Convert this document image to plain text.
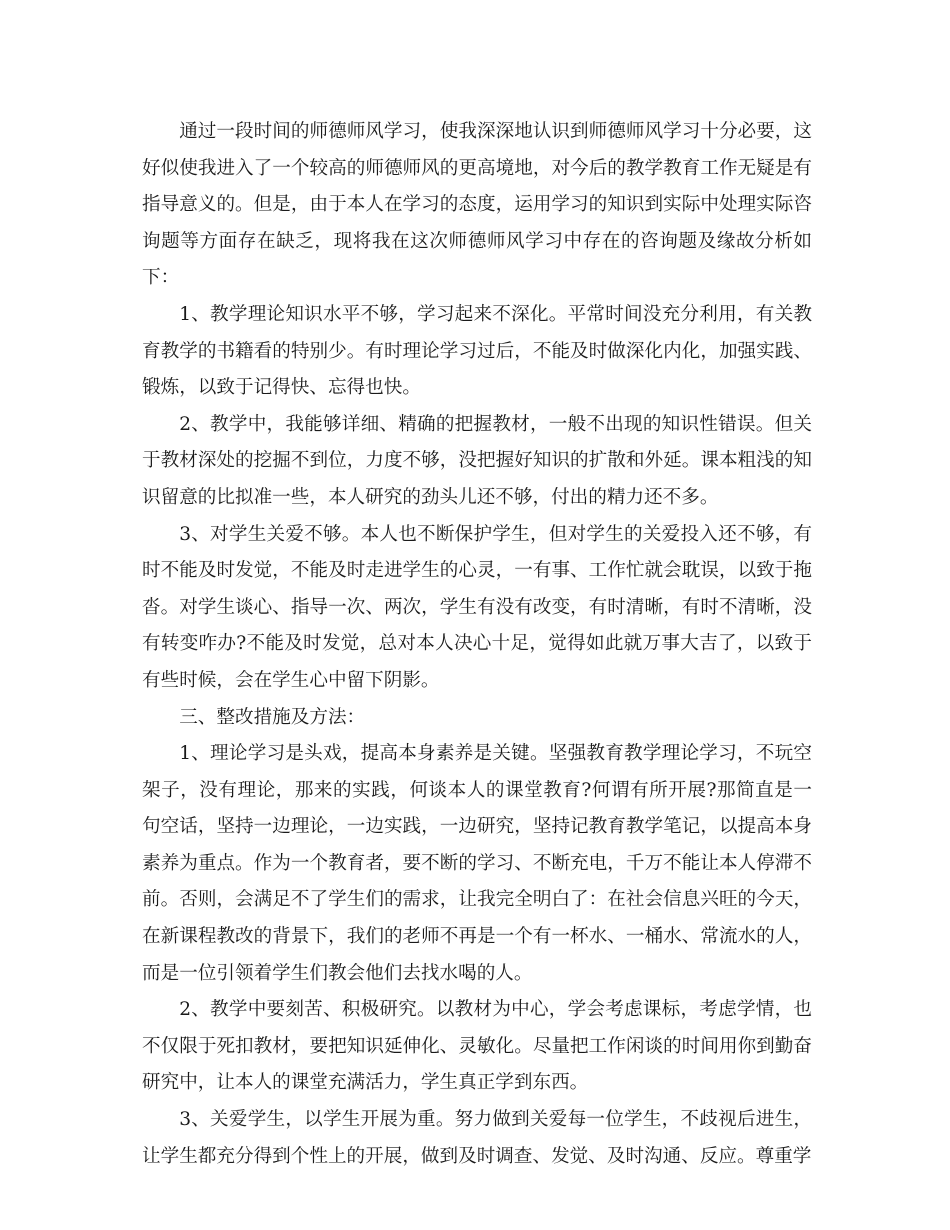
通过一段时间的师德师风学习，使我深深地认识到师德师风学习十分必要，这好似使我进入了一个较高的师德师风的更高境地，对今后的教学教育工作无疑是有指导意义的。但是，由于本人在学习的态度，运用学习的知识到实际中处理实际咨询题等方面存在缺乏，现将我在这次师德师风学习中存在的咨询题及缘故分析如下：

1、教学理论知识水平不够，学习起来不深化。平常时间没充分利用，有关教育教学的书籍看的特别少。有时理论学习过后，不能及时做深化内化，加强实践、锻炼，以致于记得快、忘得也快。

2、教学中，我能够详细、精确的把握教材，一般不出现的知识性错误。但关于教材深处的挖掘不到位，力度不够，没把握好知识的扩散和外延。课本粗浅的知识留意的比拟准一些，本人研究的劲头儿还不够，付出的精力还不多。

3、对学生关爱不够。本人也不断保护学生，但对学生的关爱投入还不够，有时不能及时发觉，不能及时走进学生的心灵，一有事、工作忙就会耽误，以致于拖沓。对学生谈心、指导一次、两次，学生有没有改变，有时清晰，有时不清晰，没有转变咋办?不能及时发觉，总对本人决心十足，觉得如此就万事大吉了，以致于有些时候，会在学生心中留下阴影。

三、整改措施及方法：

1、理论学习是头戏，提高本身素养是关键。坚强教育教学理论学习，不玩空架子，没有理论，那来的实践，何谈本人的课堂教育?何谓有所开展?那简直是一句空话，坚持一边理论，一边实践，一边研究，坚持记教育教学笔记，以提高本身素养为重点。作为一个教育者，要不断的学习、不断充电，千万不能让本人停滞不前。否则，会满足不了学生们的需求，让我完全明白了：在社会信息兴旺的今天，在新课程教改的背景下，我们的老师不再是一个有一杯水、一桶水、常流水的人，而是一位引领着学生们教会他们去找水喝的人。

2、教学中要刻苦、积极研究。以教材为中心，学会考虑课标，考虑学情，也不仅限于死扣教材，要把知识延伸化、灵敏化。尽量把工作闲谈的时间用你到勤奋研究中，让本人的课堂充满活力，学生真正学到东西。

3、关爱学生，以学生开展为重。努力做到关爱每一位学生，不歧视后进生，让学生都充分得到个性上的开展，做到及时调查、发觉、及时沟通、反应。尊重学
